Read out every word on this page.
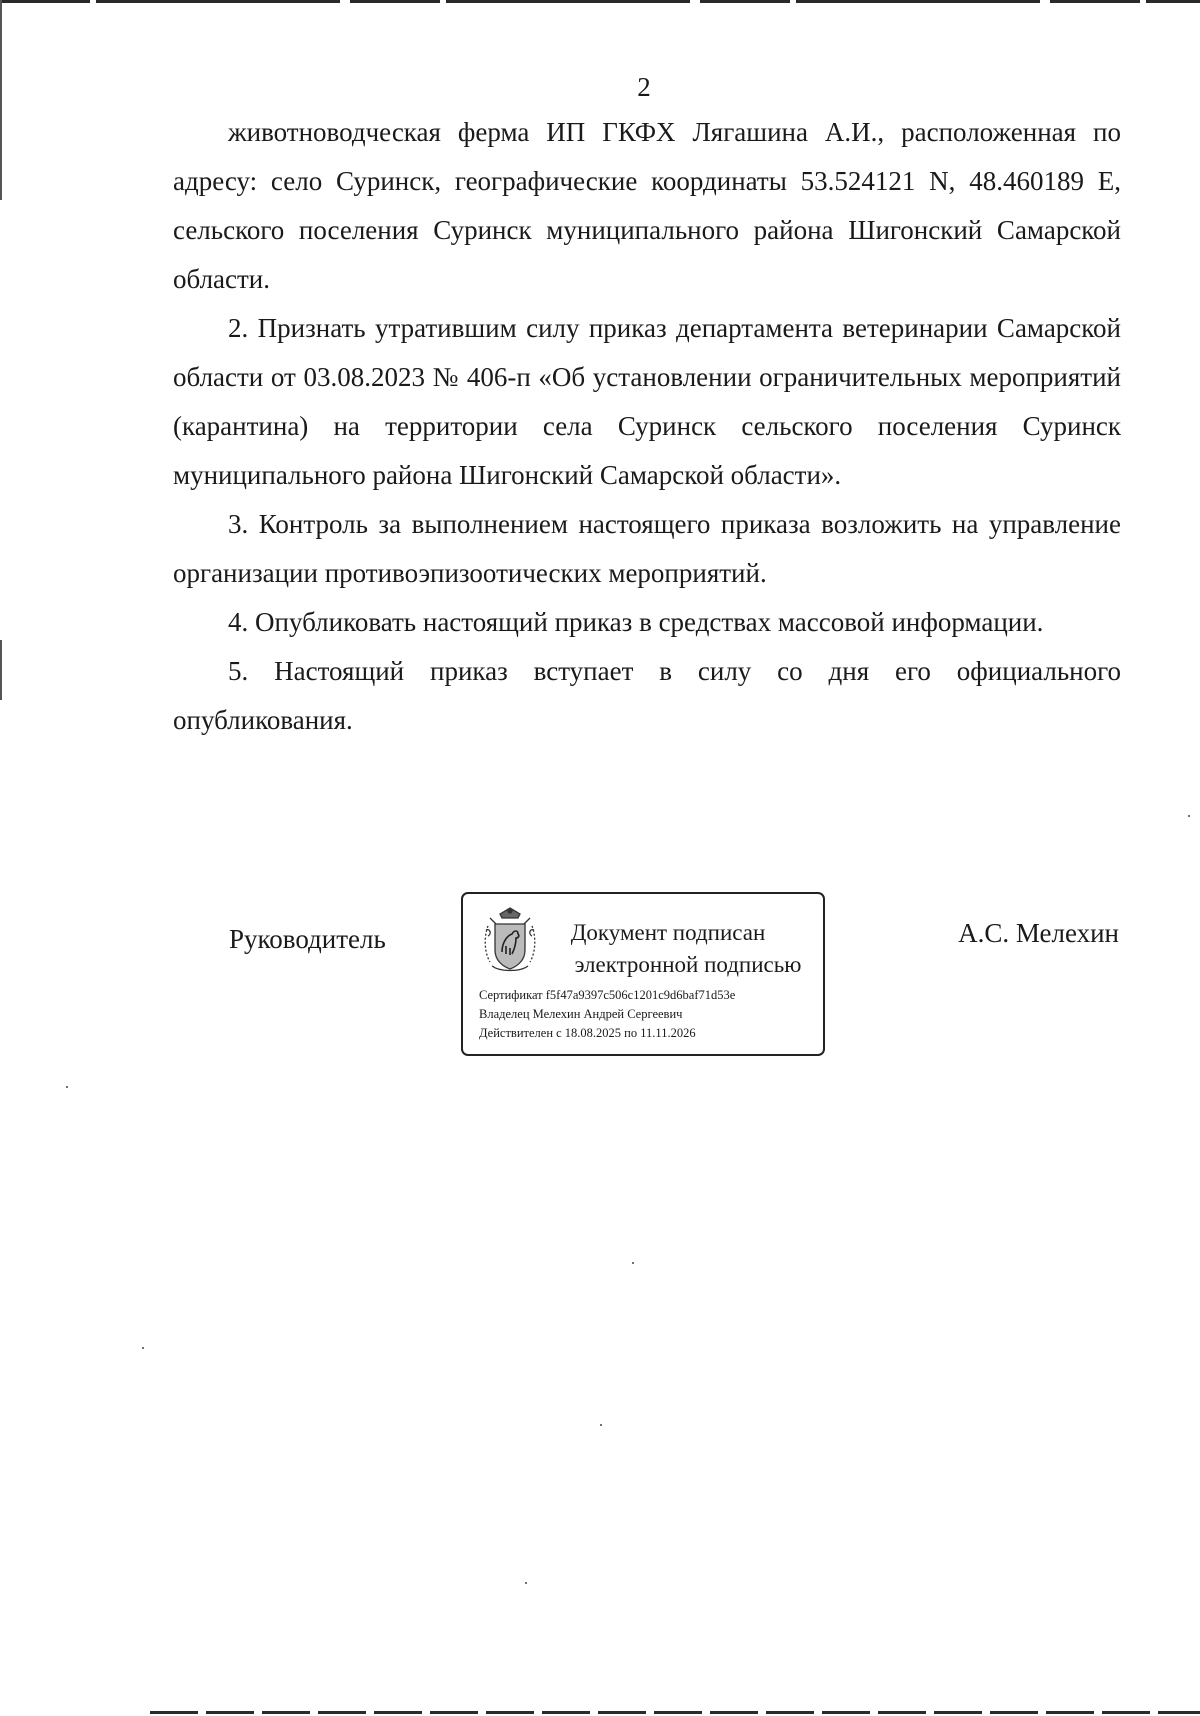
2

животноводческая ферма ИП ГКФХ Лягашина А.И., расположенная по

адресу: село Суринск, географические координаты 53.524121 N, 48.460189 E,

сельского поселения Суринск муниципального района Шигонский Самарской области.

2. Признать утратившим силу приказ департамента ветеринарии Самарской области от 03.08.2023 № 406-п «Об установлении ограничительных мероприятий (карантина) на территории села Суринск сельского поселения Суринск муниципального района Шигонский Самарской области».

3. Контроль за выполнением настоящего приказа возложить на управление организации противоэпизоотических мероприятий.

4. Опубликовать настоящий приказ в средствах массовой информации.

5. Настоящий приказ вступает в силу со дня его официального опубликования.

Руководитель	Документ подписан
электронной подписью
Сертификат f5f47a9397c506c1201c9d6baf71d53e
Владелец Мелехин Андрей Сергеевич
Действителен с 18.08.2025 по 11.11.2026
А.С. Мелехин
